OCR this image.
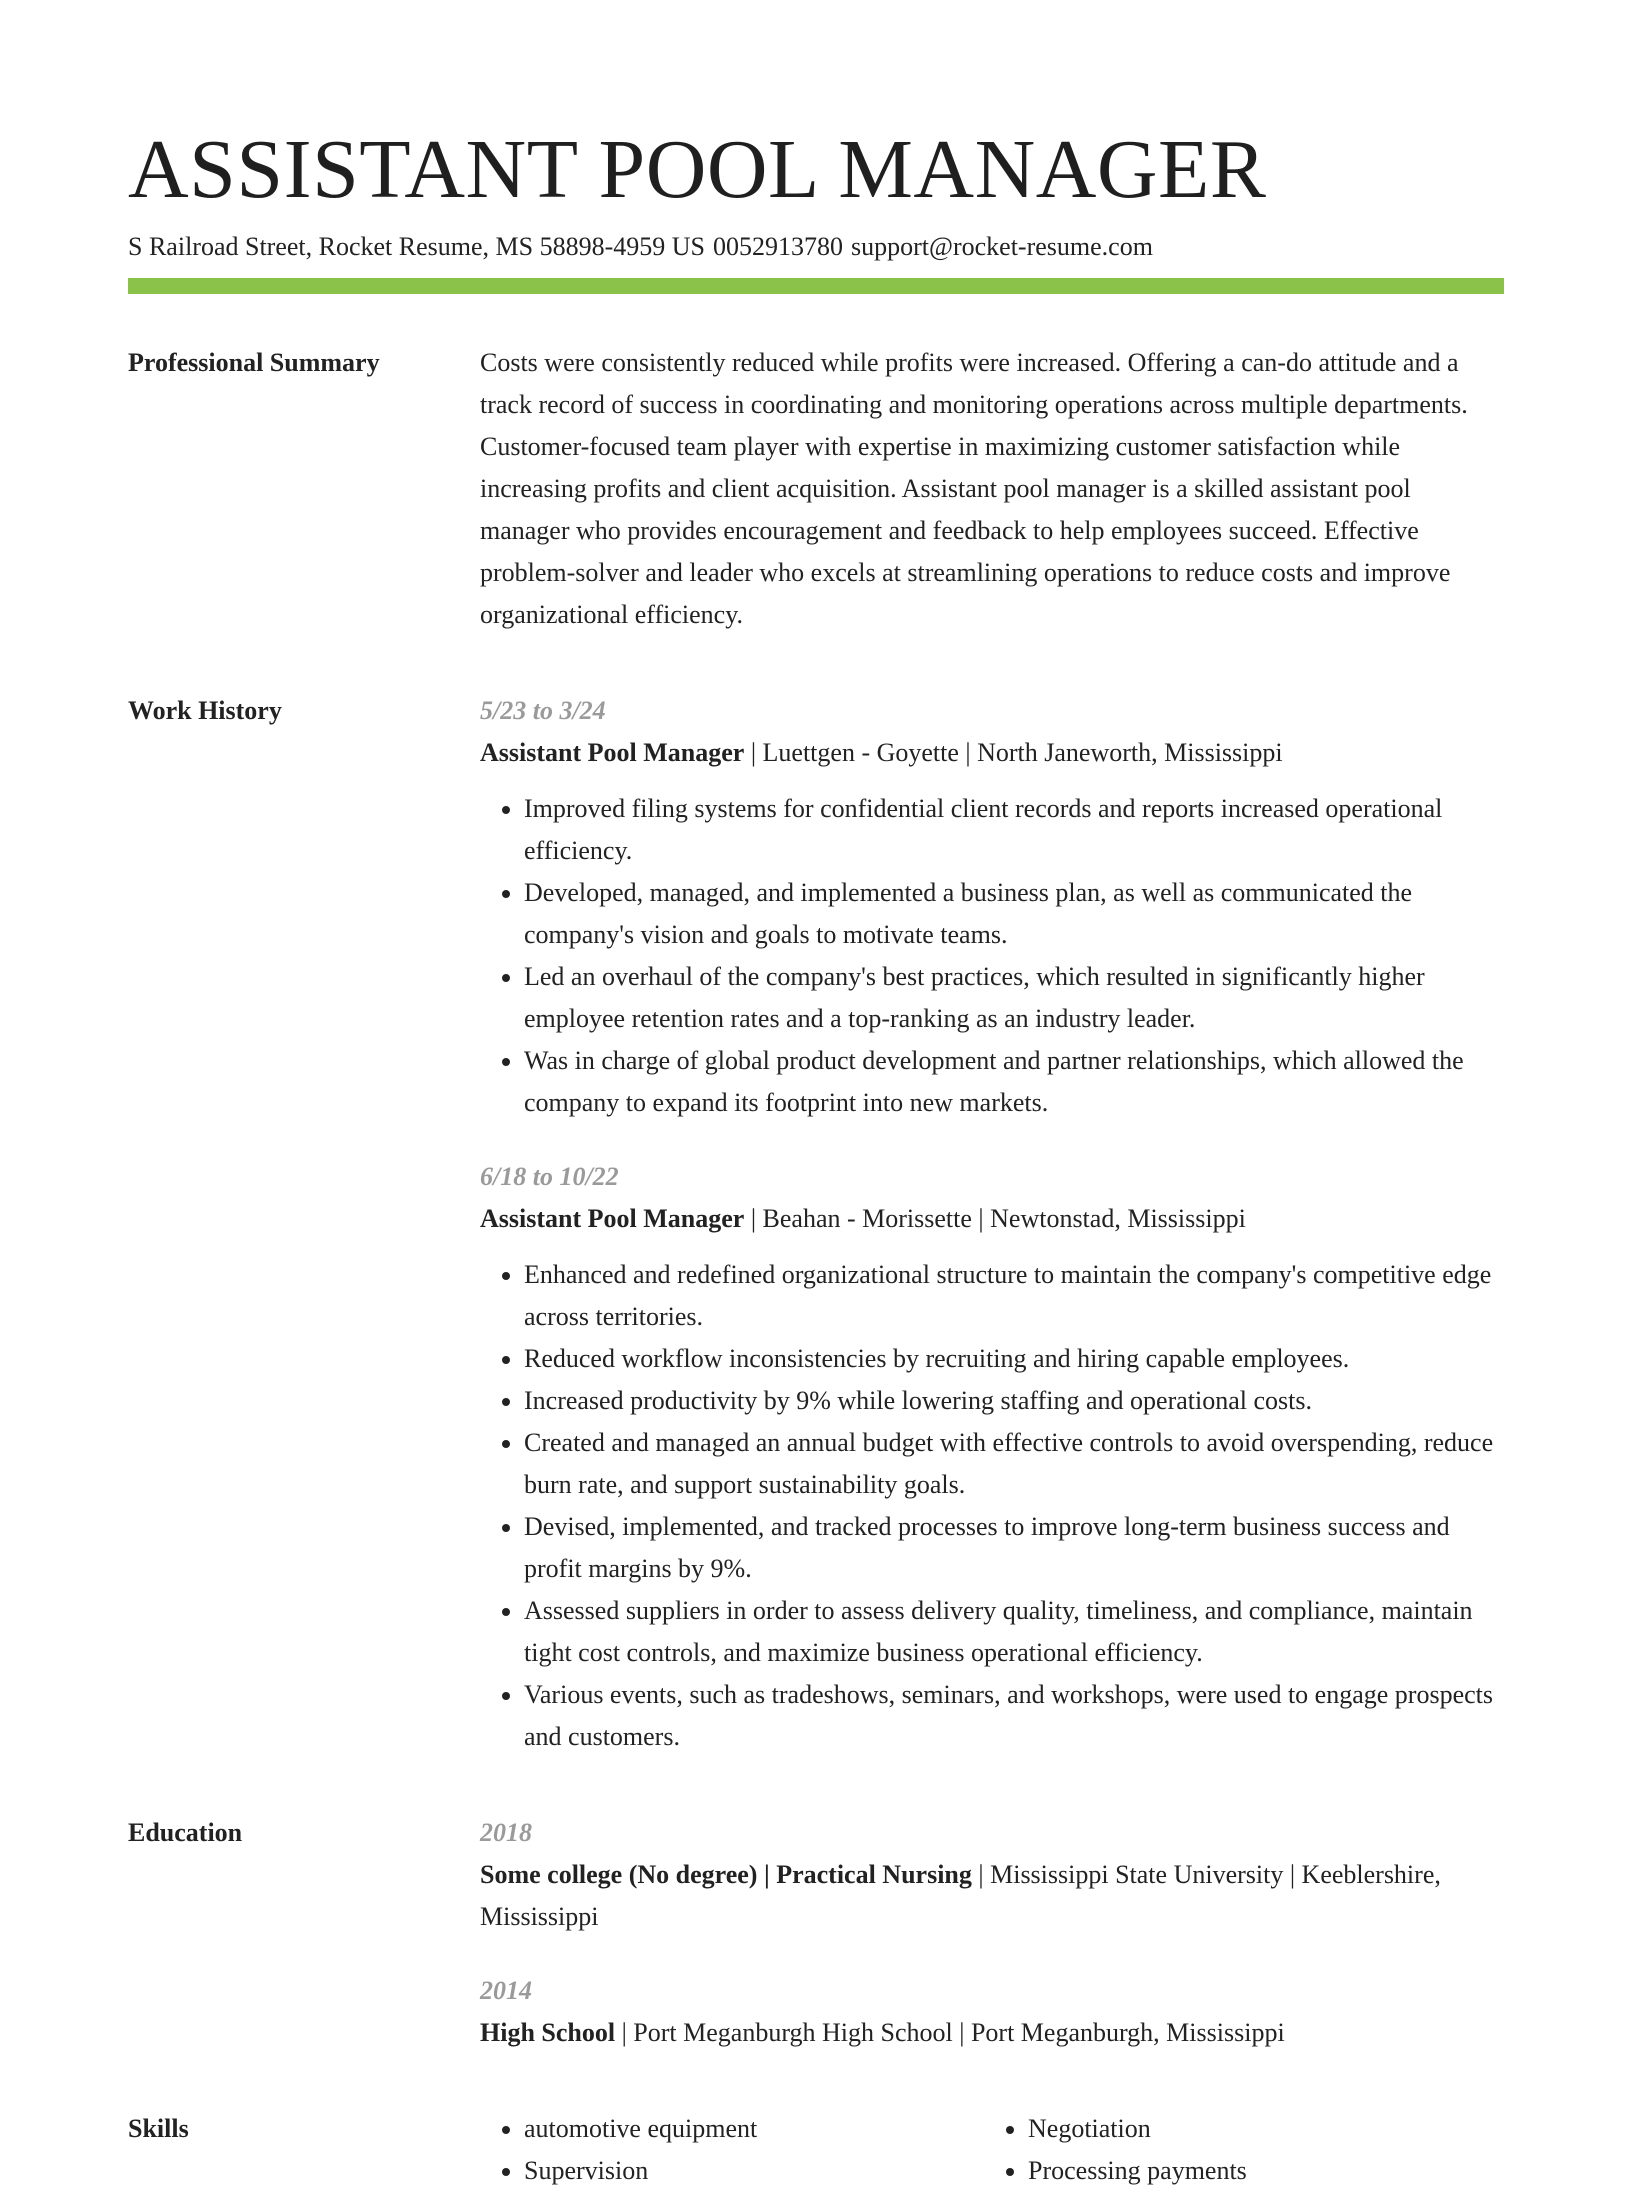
ASSISTANT POOL MANAGER
S Railroad Street, Rocket Resume, MS 58898-4959 US 0052913780 support@rocket-resume.com
Professional Summary	Costs were consistently reduced while profits were increased. Offering a can-do attitude and a track record of success in coordinating and monitoring operations across multiple departments. Customer-focused team player with expertise in maximizing customer satisfaction while increasing profits and client acquisition. Assistant pool manager is a skilled assistant pool manager who provides encouragement and feedback to help employees succeed. Effective problem-solver and leader who excels at streamlining operations to reduce costs and improve organizational efficiency.

Work History	5/23 to 3/24
Assistant Pool Manager | Luettgen - Goyette | North Janeworth, Mississippi
• Improved filing systems for confidential client records and reports increased operational efficiency.
• Developed, managed, and implemented a business plan, as well as communicated the company's vision and goals to motivate teams.
• Led an overhaul of the company's best practices, which resulted in significantly higher employee retention rates and a top-ranking as an industry leader.
• Was in charge of global product development and partner relationships, which allowed the company to expand its footprint into new markets.
6/18 to 10/22
Assistant Pool Manager | Beahan - Morissette | Newtonstad, Mississippi
• Enhanced and redefined organizational structure to maintain the company's competitive edge across territories.
• Reduced workflow inconsistencies by recruiting and hiring capable employees.
• Increased productivity by 9% while lowering staffing and operational costs.
• Created and managed an annual budget with effective controls to avoid overspending, reduce burn rate, and support sustainability goals.
• Devised, implemented, and tracked processes to improve long-term business success and profit margins by 9%.
• Assessed suppliers in order to assess delivery quality, timeliness, and compliance, maintain tight cost controls, and maximize business operational efficiency.
• Various events, such as tradeshows, seminars, and workshops, were used to engage prospects and customers.
Education	2018
Some college (No degree) | Practical Nursing | Mississippi State University | Keeblershire, Mississippi
2014
High School | Port Meganburgh High School | Port Meganburgh, Mississippi
Skills
•	automotive equipment
• Supervision
• Negotiation
• Processing payments
